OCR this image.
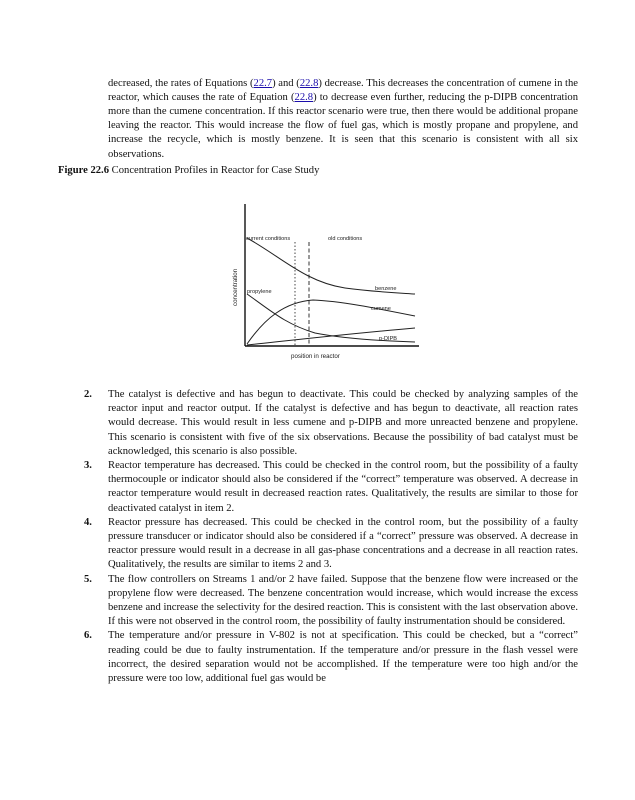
decreased, the rates of Equations (22.7) and (22.8) decrease. This decreases the concentration of cumene in the reactor, which causes the rate of Equation (22.8) to decrease even further, reducing the p-DIPB concentration more than the cumene concentration. If this reactor scenario were true, then there would be additional propane leaving the reactor. This would increase the flow of fuel gas, which is mostly propane and propylene, and increase the recycle, which is mostly benzene. It is seen that this scenario is consistent with all six observations.

Figure 22.6 Concentration Profiles in Reactor for Case Study
current conditions	old conditions
benzene
propylene
cumene
p-DIPB
position in reactor
concentration
2.	The catalyst is defective and has begun to deactivate. This could be checked by analyzing samples of the reactor input and reactor output. If the catalyst is defective and has begun to deactivate, all reaction rates would decrease. This would result in less cumene and p-DIPB and more unreacted benzene and propylene. This scenario is consistent with five of the six observations. Because the possibility of bad catalyst must be acknowledged, this scenario is also possible.
3.	Reactor temperature has decreased. This could be checked in the control room, but the possibility of a faulty thermocouple or indicator should also be considered if the “correct” temperature was observed. A decrease in reactor temperature would result in decreased reaction rates. Qualitatively, the results are similar to those for deactivated catalyst in item 2.
4.	Reactor pressure has decreased. This could be checked in the control room, but the possibility of a faulty pressure transducer or indicator should also be considered if a “correct” pressure was observed. A decrease in reactor pressure would result in a decrease in all gas-phase concentrations and a decrease in all reaction rates. Qualitatively, the results are similar to items 2 and 3.
5.	The flow controllers on Streams 1 and/or 2 have failed. Suppose that the benzene flow were increased or the propylene flow were decreased. The benzene concentration would increase, which would increase the excess benzene and increase the selectivity for the desired reaction. This is consistent with the last observation above. If this were not observed in the control room, the possibility of faulty instrumentation should be considered.
6.	The temperature and/or pressure in V-802 is not at specification. This could be checked, but a “correct” reading could be due to faulty instrumentation. If the temperature and/or pressure in the flash vessel were incorrect, the desired separation would not be accomplished. If the temperature were too high and/or the pressure were too low, additional fuel gas would be
